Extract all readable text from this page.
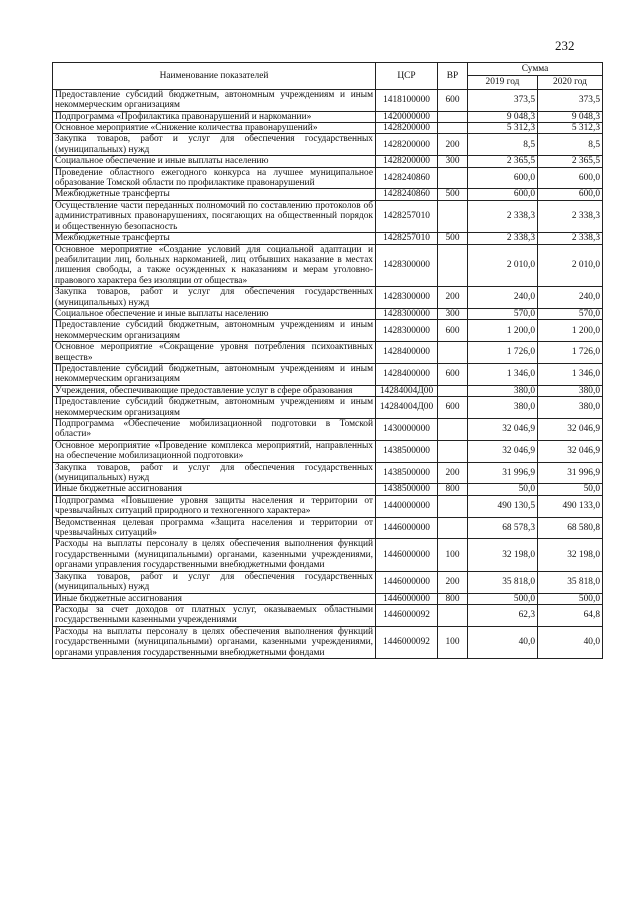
232
Наименование показателей	ЦСР	ВР	Сумма	
			2019 год	2020 год
Предоставление субсидий бюджетным, автономным учреждениям и иным некоммерческим организациям	1418100000	600	373,5	373,5
Подпрограмма «Профилактика правонарушений и наркомании»	1420000000		9 048,3	9 048,3
Основное мероприятие «Снижение количества правонарушений»	1428200000		5 312,3	5 312,3
Закупка товаров, работ и услуг для обеспечения государственных (муниципальных) нужд	1428200000	200	8,5	8,5
Социальное обеспечение и иные выплаты населению	1428200000	300	2 365,5	2 365,5
Проведение областного ежегодного конкурса на лучшее муниципальное образование Томской области по профилактике правонарушений	1428240860		600,0	600,0
Межбюджетные трансферты	1428240860	500	600,0	600,0
Осуществление части переданных полномочий по составлению протоколов об административных правонарушениях, посягающих на общественный порядок и общественную безопасность	1428257010		2 338,3	2 338,3
Межбюджетные трансферты	1428257010	500	2 338,3	2 338,3
Основное мероприятие «Создание условий для социальной адаптации и реабилитации лиц, больных наркоманией, лиц отбывших наказание в местах лишения свободы, а также осужденных к наказаниям и мерам уголовно-правового характера без изоляции от общества»	1428300000		2 010,0	2 010,0
Закупка товаров, работ и услуг для обеспечения государственных (муниципальных) нужд	1428300000	200	240,0	240,0
Социальное обеспечение и иные выплаты населению	1428300000	300	570,0	570,0
Предоставление субсидий бюджетным, автономным учреждениям и иным некоммерческим организациям	1428300000	600	1 200,0	1 200,0
Основное мероприятие «Сокращение уровня потребления психоактивных веществ»	1428400000		1 726,0	1 726,0
Предоставление субсидий бюджетным, автономным учреждениям и иным некоммерческим организациям	1428400000	600	1 346,0	1 346,0
Учреждения, обеспечивающие предоставление услуг в сфере образования	14284004Д00		380,0	380,0
Предоставление субсидий бюджетным, автономным учреждениям и иным некоммерческим организациям	14284004Д00	600	380,0	380,0
Подпрограмма «Обеспечение мобилизационной подготовки в Томской области»	1430000000		32 046,9	32 046,9
Основное мероприятие «Проведение комплекса мероприятий, направленных на обеспечение мобилизационной подготовки»	1438500000		32 046,9	32 046,9
Закупка товаров, работ и услуг для обеспечения государственных (муниципальных) нужд	1438500000	200	31 996,9	31 996,9
Иные бюджетные ассигнования	1438500000	800	50,0	50,0
Подпрограмма «Повышение уровня защиты населения и территории от чрезвычайных ситуаций природного и техногенного характера»	1440000000		490 130,5	490 133,0
Ведомственная целевая программа «Защита населения и территории от чрезвычайных ситуаций»	1446000000		68 578,3	68 580,8
Расходы на выплаты персоналу в целях обеспечения выполнения функций государственными (муниципальными) органами, казенными учреждениями, органами управления государственными внебюджетными фондами	1446000000	100	32 198,0	32 198,0
Закупка товаров, работ и услуг для обеспечения государственных (муниципальных) нужд	1446000000	200	35 818,0	35 818,0
Иные бюджетные ассигнования	1446000000	800	500,0	500,0
Расходы за счет доходов от платных услуг, оказываемых областными государственными казенными учреждениями	1446000092		62,3	64,8
Расходы на выплаты персоналу в целях обеспечения выполнения функций государственными (муниципальными) органами, казенными учреждениями, органами управления государственными внебюджетными фондами	1446000092	100	40,0	40,0
